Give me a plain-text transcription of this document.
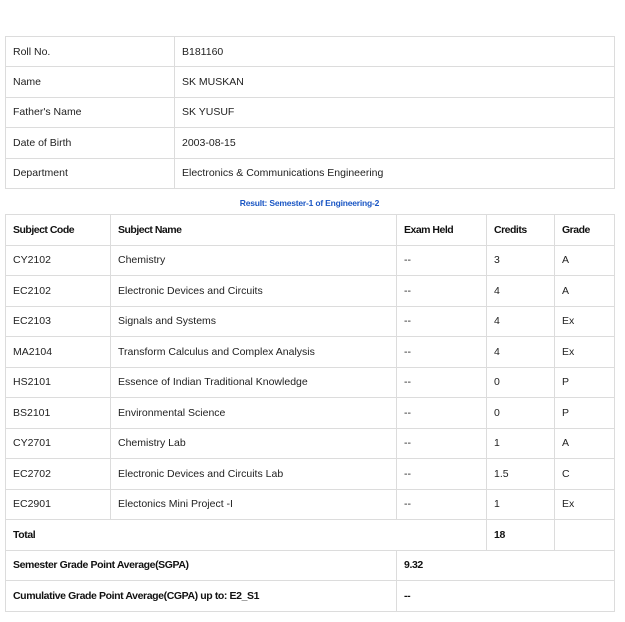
Roll No.	B181160
Name	SK MUSKAN
Father's Name	SK YUSUF
Date of Birth	2003-08-15
Department	Electronics & Communications Engineering
Result: Semester-1 of Engineering-2
Subject Code	Subject Name	Exam Held	Credits	Grade
CY2102	Chemistry	--	3	A
EC2102	Electronic Devices and Circuits	--	4	A
EC2103	Signals and Systems	--	4	Ex
MA2104	Transform Calculus and Complex Analysis	--	4	Ex
HS2101	Essence of Indian Traditional Knowledge	--	0	P
BS2101	Environmental Science	--	0	P
CY2701	Chemistry Lab	--	1	A
EC2702	Electronic Devices and Circuits Lab	--	1.5	C
EC2901	Electonics Mini Project -I	--	1	Ex
Total			18	
Semester Grade Point Average(SGPA)		9.32		
Cumulative Grade Point Average(CGPA) up to: E2_S1		--		
